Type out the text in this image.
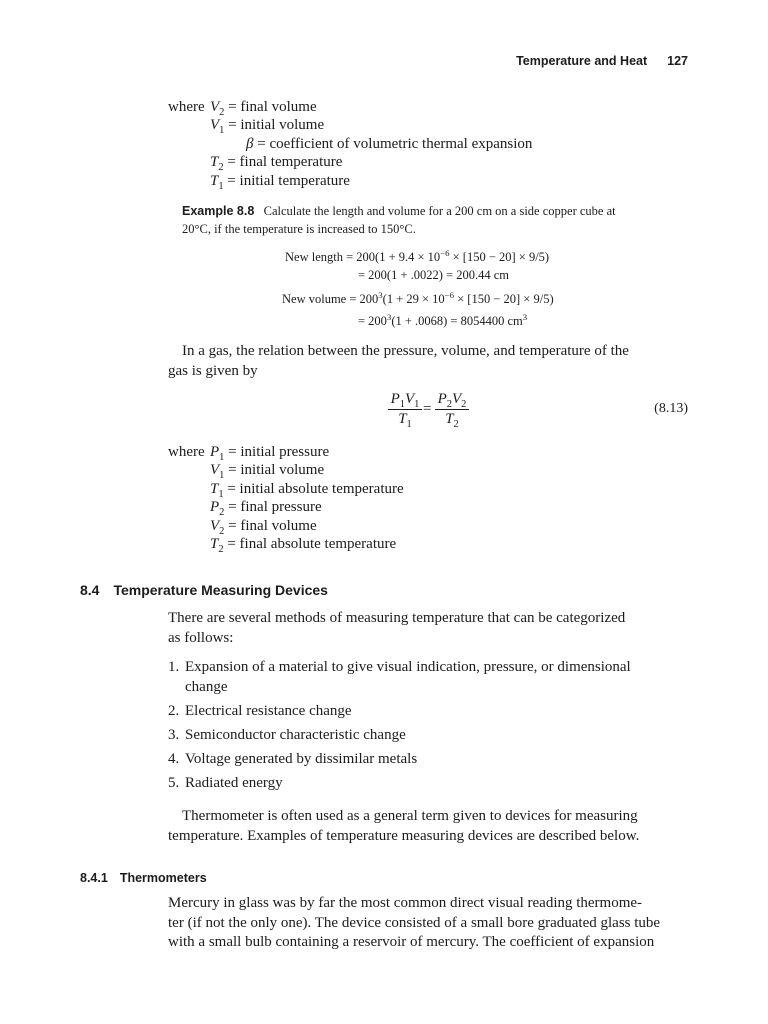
Temperature and Heat 127
where $V_2$ = final volume
$V_1$ = initial volume
β = coefficient of volumetric thermal expansion
$T_2$ = final temperature
$T_1$ = initial temperature
Example 8.8 Calculate the length and volume for a 200 cm on a side copper cube at
20°C, if the temperature is increased to 150°C.
New length = $200(1 + 9.4 \times 10^{-6} \times [150 - 20] \times 9/5)$
= 200(1 + .0022) = 200.44 cm
New volume = $200^3(1 + 29 \times 10^{-6} \times [150 - 20] \times 9/5)$
= $200^3(1 + .0068) = 8054400$ $cm^3$
In a gas, the relation between the pressure, volume, and temperature of the
gas is given by
$P_1V_1$
$T_1$
=
$P_2V_2$
$T_2$
(8.13)
where $P_1$ = initial pressure
$V_1$ = initial volume
$T_1$ = initial absolute temperature
$P_2$ = final pressure
$V_2$ = final volume
$T_2$ = final absolute temperature
8.4 Temperature Measuring Devices
There are several methods of measuring temperature that can be categorized
as follows:
1. Expansion of a material to give visual indication, pressure, or dimensional
change
2. Electrical resistance change
3. Semiconductor characteristic change
4. Voltage generated by dissimilar metals
5. Radiated energy
Thermometer is often used as a general term given to devices for measuring
temperature. Examples of temperature measuring devices are described below.
8.4.1 Thermometers
Mercury in glass was by far the most common direct visual reading thermome-
ter (if not the only one). The device consisted of a small bore graduated glass tube
with a small bulb containing a reservoir of mercury. The coefficient of expansion
